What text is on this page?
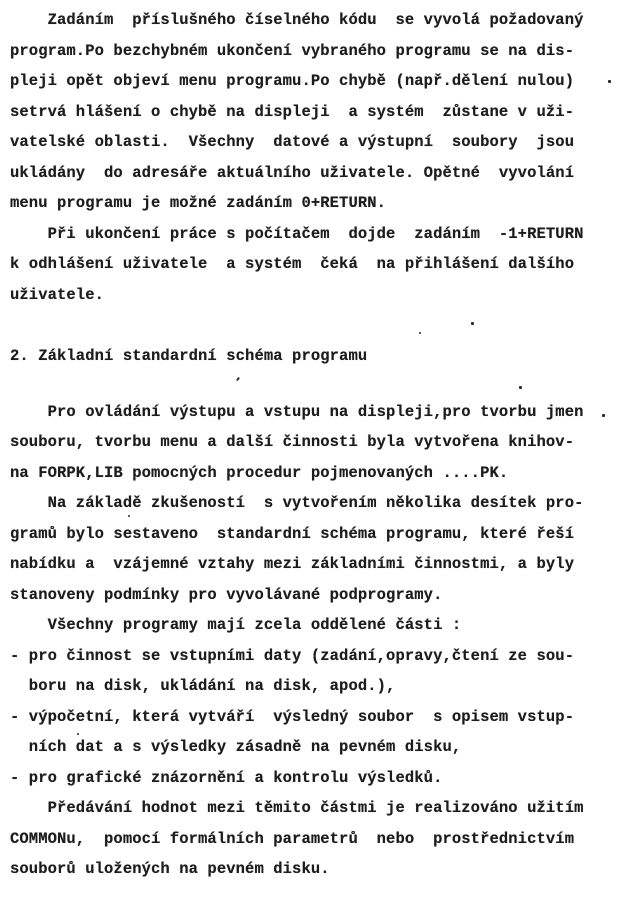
Zadáním  příslušného číselného kódu  se vyvolá požadovaný
program.Po bezchybném ukončení vybraného programu se na dis-
pleji opět objeví menu programu.Po chybě (např.dělení nulou)
setrvá hlášení o chybě na displeji  a systém  zůstane v uži-
vatelské oblasti.  Všechny  datové a výstupní  soubory  jsou
ukládány  do adresáře aktuálního uživatele. Opětné  vyvolání
menu programu je možné zadáním 0+RETURN.
Při ukončení práce s počítačem  dojde  zadáním  -1+RETURN
k odhlášení uživatele  a systém  čeká  na přihlášení dalšího
uživatele.
2. Základní standardní schéma programu
Pro ovládání výstupu a vstupu na displeji,pro tvorbu jmen
souboru, tvorbu menu a další činnosti byla vytvořena knihov-
na FORPK,LIB pomocných procedur pojmenovaných ....PK.
Na základě zkušeností  s vytvořením několika desítek pro-
gramů bylo sestaveno  standardní schéma programu, které řeší
nabídku a  vzájemné vztahy mezi základními činnostmi, a byly
stanoveny podmínky pro vyvolávané podprogramy.
Všechny programy mají zcela oddělené části :
- pro činnost se vstupními daty (zadání,opravy,čtení ze sou-
boru na disk, ukládání na disk, apod.),
- výpočetní, která vytváří  výsledný soubor  s opisem vstup-
ních dat a s výsledky zásadně na pevném disku,
- pro grafické znázornění a kontrolu výsledků.
Předávání hodnot mezi těmito částmi je realizováno užitím
COMMONu,  pomocí formálních parametrů  nebo  prostřednictvím
souborů uložených na pevném disku.
